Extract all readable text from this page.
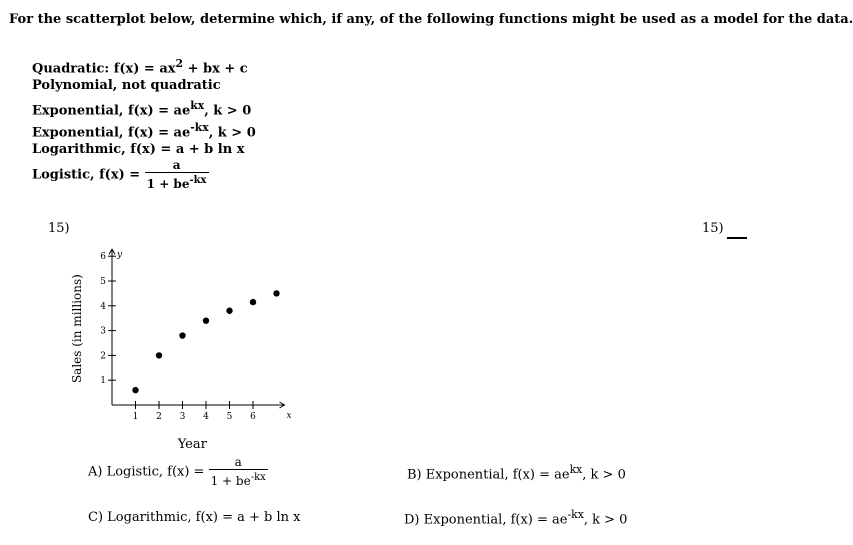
For the scatterplot below, determine which, if any, of the following functions might be used as a model for the data.
Quadratic: $f(x) = ax^2$ + bx + c
Polynomial, not quadratic
Exponential, $f(x) = ae^{kx}$, k > 0
Exponential, $f(x) = ae^{-kx}$, k > 0
Logarithmic, f(x) = a + b ln x
Logistic, $f(x) = \frac{a}{1 + be^{-kx}}$
15)	15)
x
y
1 2 3 4 5 6
1
2
3
4
5
6
Sales (in millions)
Year
A) Logistic, $f(x) = \frac{a}{1 + be^{-kx}}$	B) Exponential, $f(x) = ae^{kx}$, k > 0
C) Logarithmic, f(x) = a + b ln x	D) Exponential, $f(x) = ae^{-kx}$, k > 0
